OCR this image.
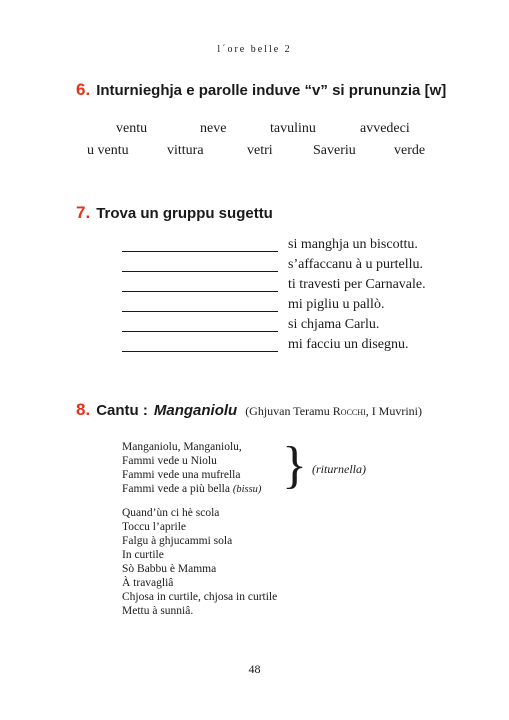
l´ore belle 2
6. Inturnieghja e parolle induve “v” si prununzia [w]
ventu	neve	tavulinu	avvedeci
u ventu	vittura	vetri	Saveriu	verde
7. Trova un gruppu sugettu
si manghja un biscottu.
s’affaccanu à u purtellu.
ti travesti per Carnavale.
mi pigliu u pallò.
si chjama Carlu.
mi facciu un disegnu.
8. Cantu : Manganiolu (Ghjuvan Teramu Rocchi, I Muvrini)
Manganiolu, Manganiolu,
Fammi vede u Niolu
Fammi vede una mufrella
Fammi vede a più bella (bissu) } (riturnella)
Quand’ùn ci hè scola
Toccu l’aprile
Falgu à ghjucammi sola
In curtile
Sò Babbu è Mamma
À travagliâ
Chjosa in curtile, chjosa in curtile
Mettu à sunniâ.
48
